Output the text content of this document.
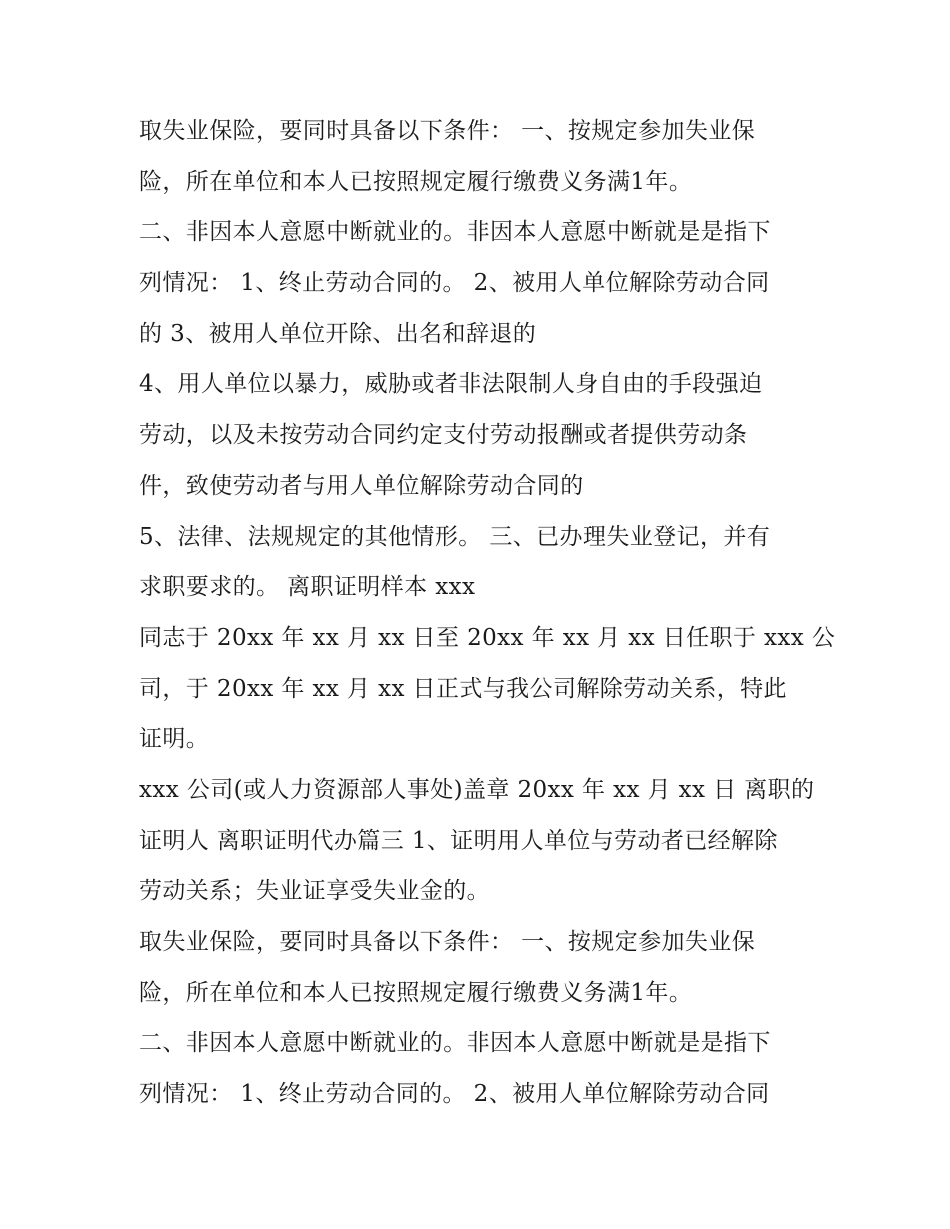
取失业保险，要同时具备以下条件： 一、按规定参加失业保
险，所在单位和本人已按照规定履行缴费义务满1年。
二、非因本人意愿中断就业的。非因本人意愿中断就是是指下
列情况： 1、终止劳动合同的。 2、被用人单位解除劳动合同
的 3、被用人单位开除、出名和辞退的
4、用人单位以暴力，威胁或者非法限制人身自由的手段强迫
劳动，以及未按劳动合同约定支付劳动报酬或者提供劳动条
件，致使劳动者与用人单位解除劳动合同的
5、法律、法规规定的其他情形。 三、已办理失业登记，并有
求职要求的。 离职证明样本 xxx
同志于 20xx 年 xx 月 xx 日至 20xx 年 xx 月 xx 日任职于 xxx 公
司，于 20xx 年 xx 月 xx 日正式与我公司解除劳动关系，特此
证明。
xxx 公司(或人力资源部人事处)盖章 20xx 年 xx 月 xx 日 离职的
证明人 离职证明代办篇三 1、证明用人单位与劳动者已经解除
劳动关系；失业证享受失业金的。
取失业保险，要同时具备以下条件： 一、按规定参加失业保
险，所在单位和本人已按照规定履行缴费义务满1年。
二、非因本人意愿中断就业的。非因本人意愿中断就是是指下
列情况： 1、终止劳动合同的。 2、被用人单位解除劳动合同
